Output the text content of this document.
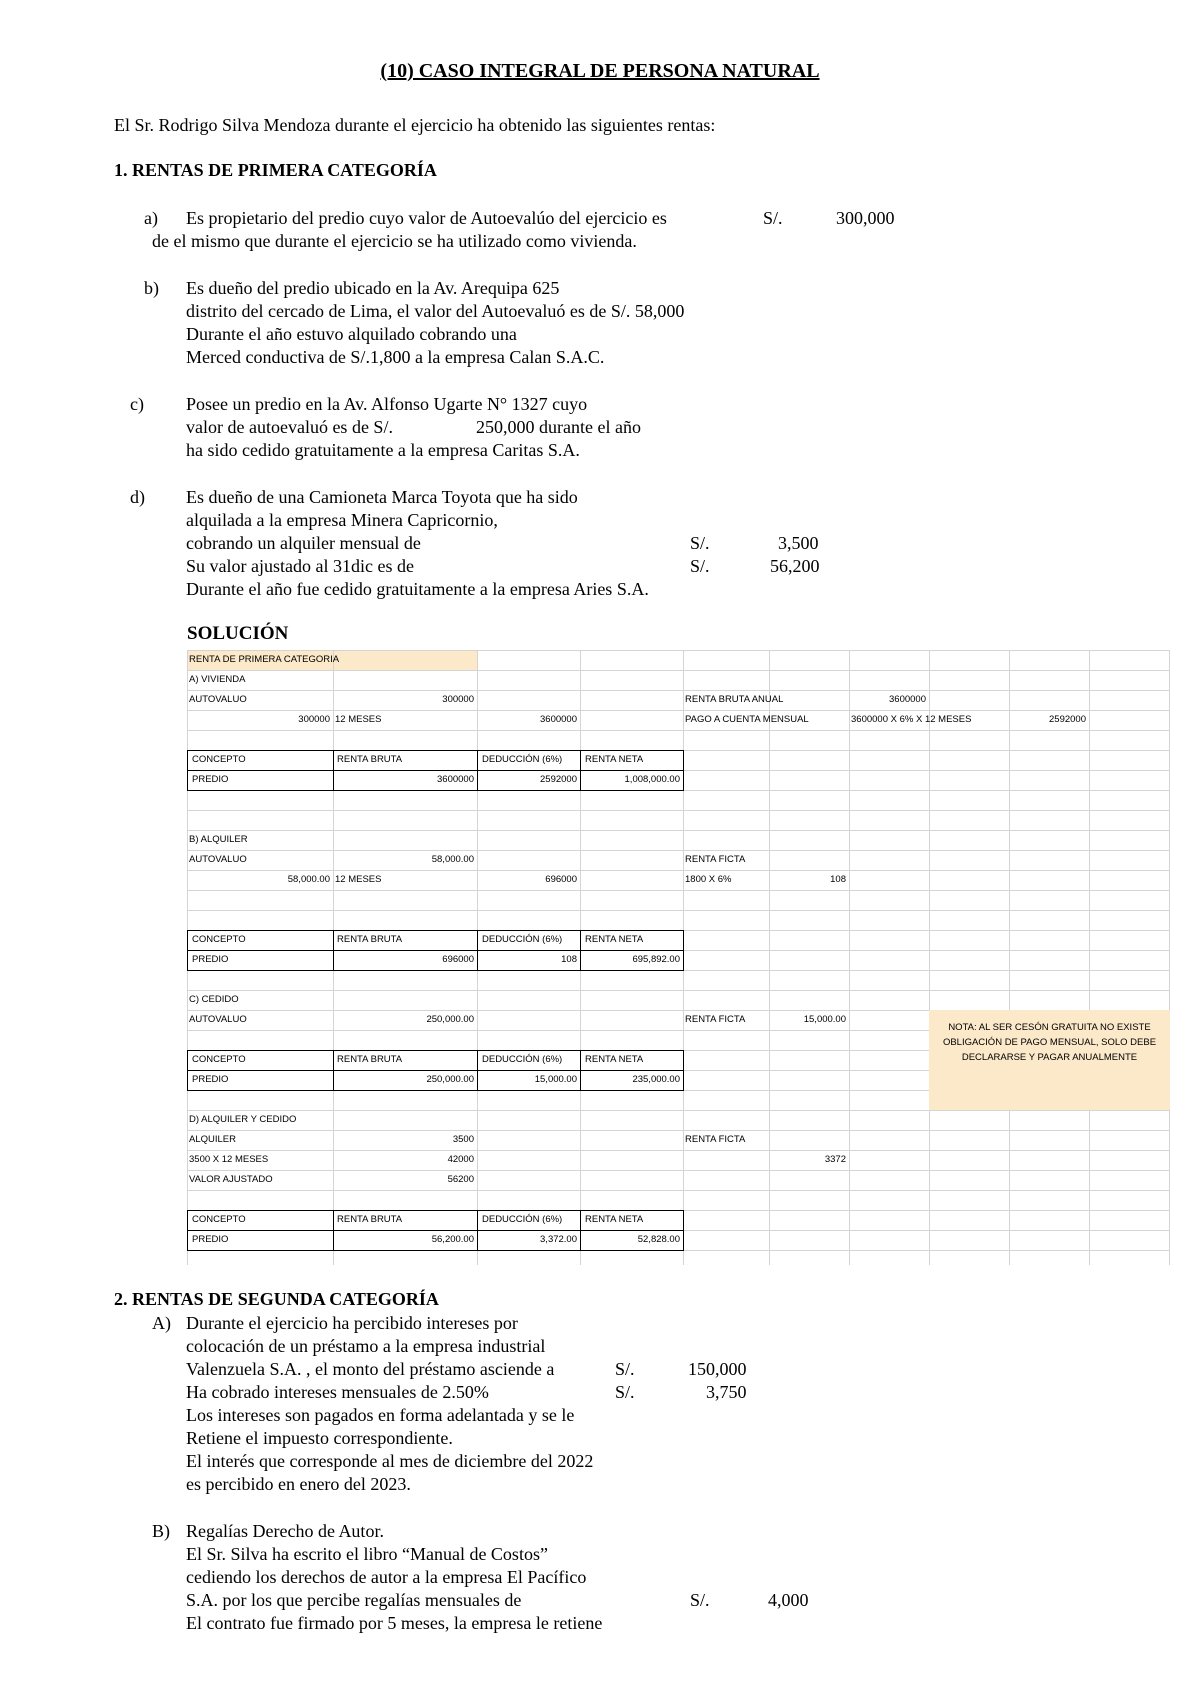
(10) CASO INTEGRAL DE PERSONA NATURAL
El Sr. Rodrigo Silva Mendoza durante el ejercicio ha obtenido las siguientes rentas:
1. RENTAS DE PRIMERA CATEGORÍA
a) Es propietario del predio cuyo valor de Autoevalúo del ejercicio es	S/.	300,000
de el mismo que durante el ejercicio se ha utilizado como vivienda.
b) Es dueño del predio ubicado en la Av. Arequipa 625
distrito del cercado de Lima, el valor del Autoevaluó es de S/. 58,000
Durante el año estuvo alquilado cobrando una
Merced conductiva de S/.1,800 a la empresa Calan S.A.C.
c) Posee un predio en la Av. Alfonso Ugarte N° 1327 cuyo
valor de autoevaluó es de S/.	250,000 durante el año
ha sido cedido gratuitamente a la empresa Caritas S.A.
d) Es dueño de una Camioneta Marca Toyota que ha sido
alquilada a la empresa Minera Capricornio,
cobrando un alquiler mensual de	S/.	3,500
Su valor ajustado al 31dic es de	S/.	56,200
Durante el año fue cedido gratuitamente a la empresa Aries S.A.
SOLUCIÓN
NOTA: AL SER CESÓN GRATUITA NO EXISTE OBLIGACIÓN DE PAGO MENSUAL, SOLO DEBE DECLARARSE Y PAGAR ANUALMENTE
RENTA DE PRIMERA CATEGORIA
A) VIVIENDA
AUTOVALUO	300000	RENTA BRUTA ANUAL	3600000
300000 12 MESES	3600000	PAGO A CUENTA MENSUAL	3600000 X 6% X 12 MESES	2592000
CONCEPTO	RENTA BRUTA	DEDUCCIÓN (6%)	RENTA NETA
PREDIO	3600000	2592000	1,008,000.00
B) ALQUILER
AUTOVALUO	58,000.00	RENTA FICTA
58,000.00 12 MESES	696000	1800 X 6%	108
CONCEPTO	RENTA BRUTA	DEDUCCIÓN (6%)	RENTA NETA
PREDIO	696000	108	695,892.00
C) CEDIDO
AUTOVALUO	250,000.00	RENTA FICTA	15,000.00
CONCEPTO	RENTA BRUTA	DEDUCCIÓN (6%)	RENTA NETA
PREDIO	250,000.00	15,000.00	235,000.00
D) ALQUILER Y CEDIDO
ALQUILER	3500	RENTA FICTA
3500 X 12 MESES	42000	3372
VALOR AJUSTADO	56200
CONCEPTO	RENTA BRUTA	DEDUCCIÓN (6%)	RENTA NETA
PREDIO	56,200.00	3,372.00	52,828.00
2. RENTAS DE SEGUNDA CATEGORÍA
A) Durante el ejercicio ha percibido intereses por
colocación de un préstamo a la empresa industrial
Valenzuela S.A. , el monto del préstamo asciende a	S/.	150,000
Ha cobrado intereses mensuales de 2.50%	S/.	3,750
Los intereses son pagados en forma adelantada y se le
Retiene el impuesto correspondiente.
El interés que corresponde al mes de diciembre del 2022
es percibido en enero del 2023.
B) Regalías Derecho de Autor.
El Sr. Silva ha escrito el libro “Manual de Costos”
cediendo los derechos de autor a la empresa El Pacífico
S.A. por los que percibe regalías mensuales de	S/.	4,000
El contrato fue firmado por 5 meses, la empresa le retiene
